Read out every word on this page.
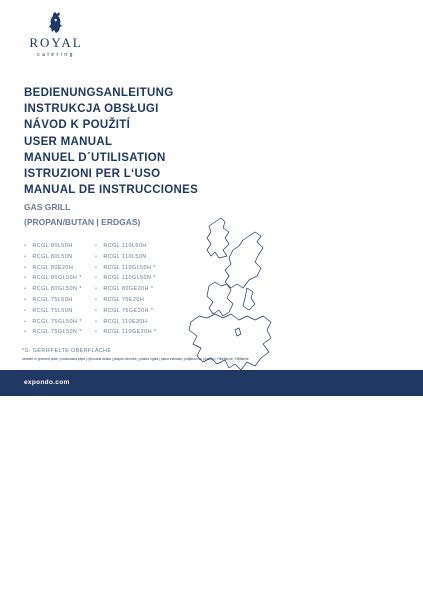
ROYAL
catering
BEDIENUNGSANLEITUNG
INSTRUKCJA OBSŁUGI
NÁVOD K POUŽITÍ
USER MANUAL
MANUEL D´UTILISATION
ISTRUZIONI PER L‘USO
MANUAL DE INSTRUCCIONES
GAS GRILL
(PROPAN/BUTAN | ERDGAS)
• RCGL 80L50H
• RCGL 80L50N
• RCGL 80E20H
• RCGL 80GL50H *
• RCGL 80GL50N *
• RCGL 75L50H
• RCGL 75L50N
• RCGL 75GL50H *
• RCGL 75GL50N *
• RCGL 110L50H
• RCGL 110L50N
• RCGL 110GL50H *
• RCGL 110GL50N *
• RCGL 80GE20H *
• RCGL 75E20H
• RCGL 75GE20H *
• RCGL 110E20H
• RCGL 110GE20H *
*G: GERIFFELTE OBERFLÄCHE
ramdelt or grooved plate | rowkowana płyta | rýhovaná deska | plaque rainurée | piastra rigata | placa estriada | pofjabocnou plochou | Rillefläche | Rillfläche
expondo.com
